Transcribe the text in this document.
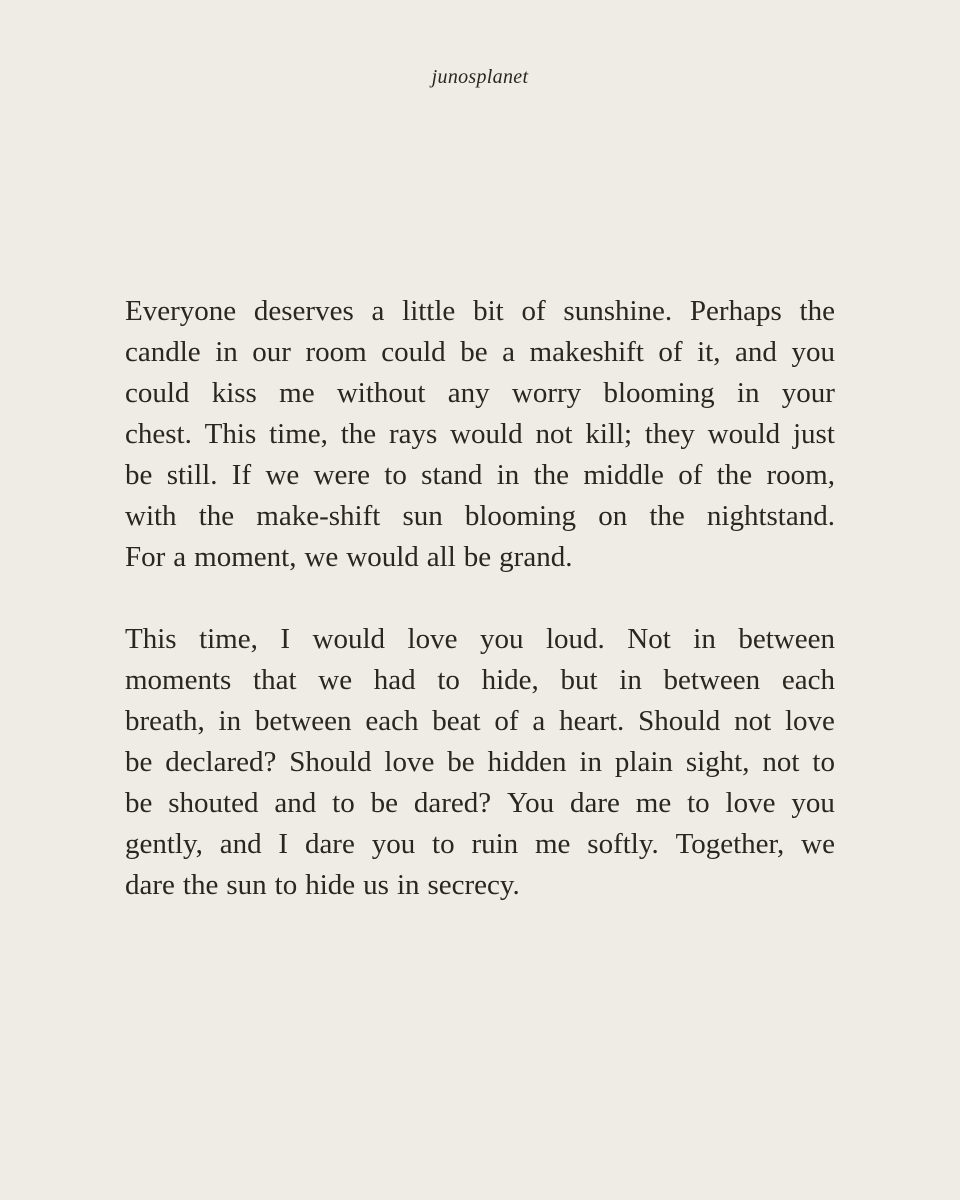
junosplanet

Everyone deserves a little bit of sunshine. Perhaps the
candle in our room could be a makeshift of it, and you
could kiss me without any worry blooming in your
chest. This time, the rays would not kill; they would just
be still. If we were to stand in the middle of the room,
with the make-shift sun blooming on the nightstand.
For a moment, we would all be grand.
This time, I would love you loud. Not in between
moments that we had to hide, but in between each
breath, in between each beat of a heart. Should not love
be declared? Should love be hidden in plain sight, not to
be shouted and to be dared? You dare me to love you
gently, and I dare you to ruin me softly. Together, we
dare the sun to hide us in secrecy.
